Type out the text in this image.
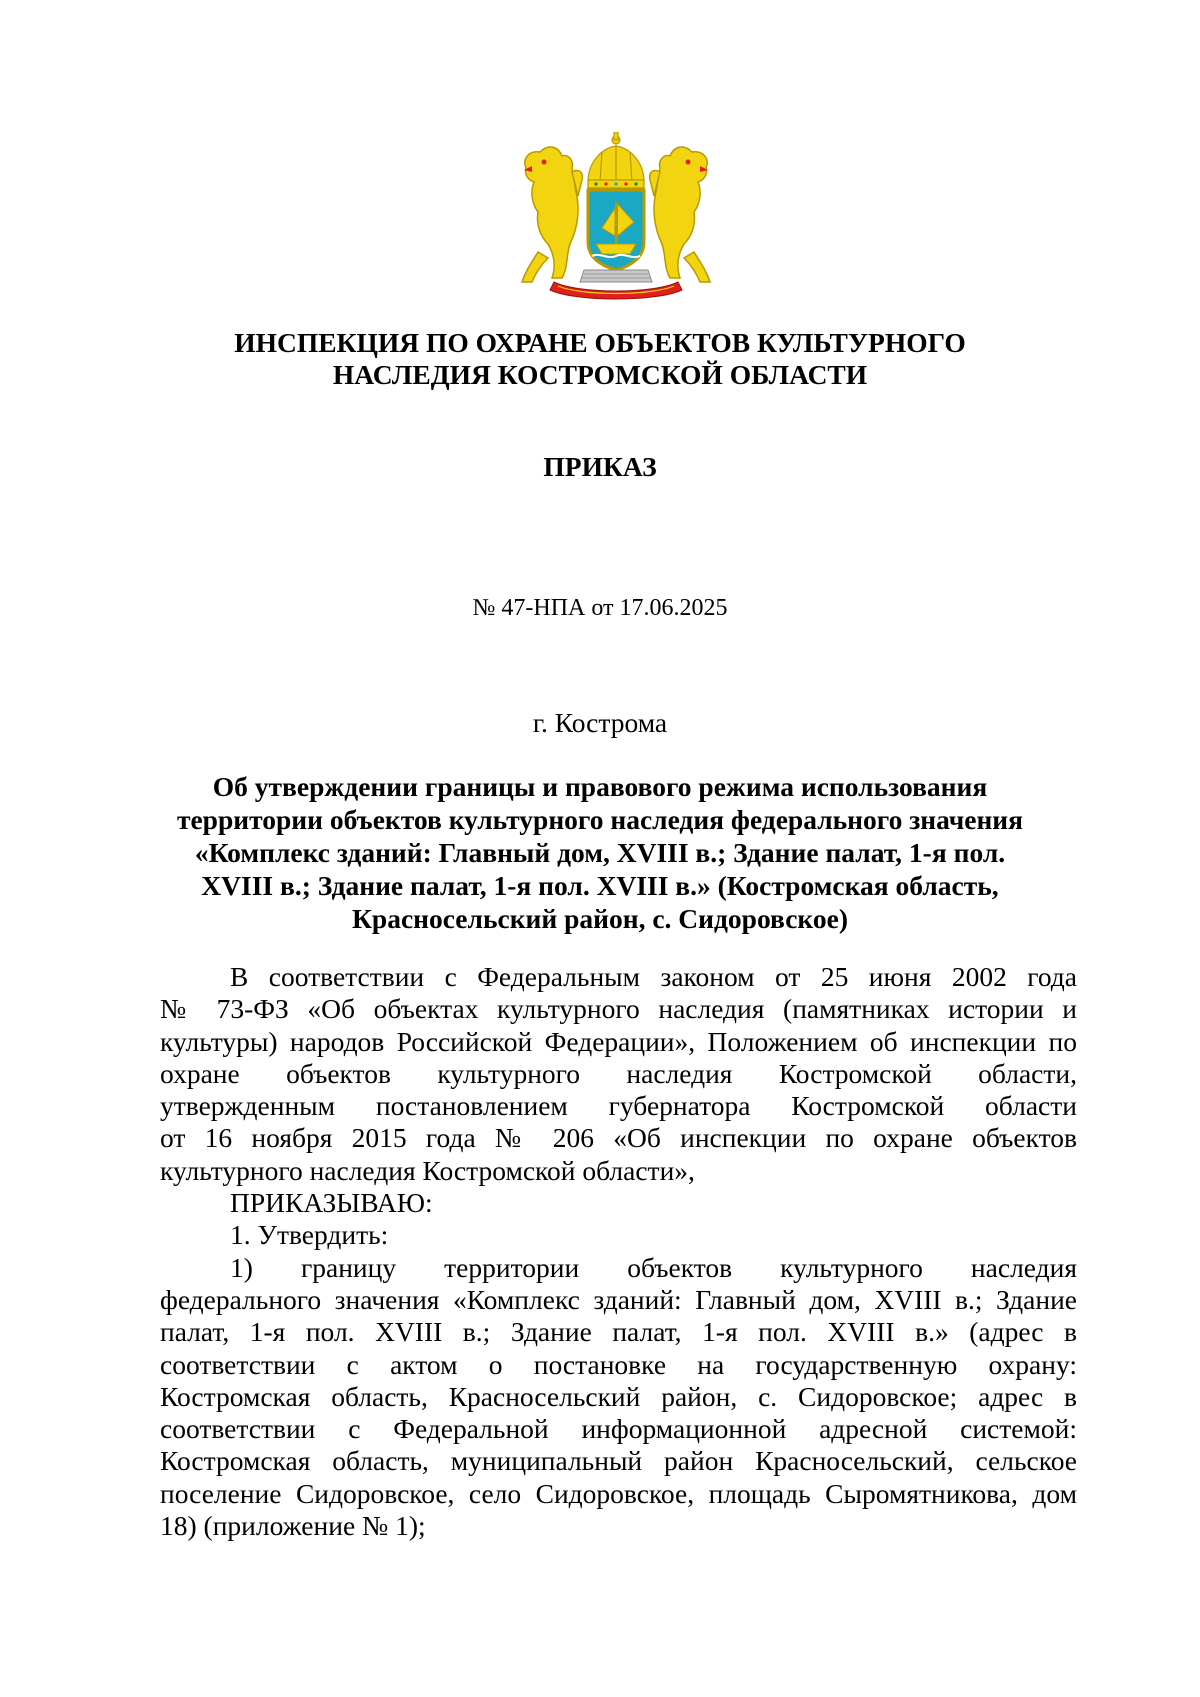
ИНСПЕКЦИЯ ПО ОХРАНЕ ОБЪЕКТОВ КУЛЬТУРНОГО
НАСЛЕДИЯ КОСТРОМСКОЙ ОБЛАСТИ
ПРИКАЗ
№ 47-НПА от 17.06.2025
г. Кострома
Об утверждении границы и правового режима использования
территории объектов культурного наследия федерального значения
«Комплекс зданий: Главный дом, XVIII в.; Здание палат, 1-я пол.
XVIII в.; Здание палат, 1-я пол. XVIII в.» (Костромская область,
Красносельский район, с. Сидоровское)
В соответствии с Федеральным законом от 25 июня 2002 года
№ 73-ФЗ «Об объектах культурного наследия (памятниках истории и
культуры) народов Российской Федерации», Положением об инспекции по
охране объектов культурного наследия Костромской области,
утвержденным постановлением губернатора Костромской области
от 16 ноября 2015 года № 206 «Об инспекции по охране объектов
культурного наследия Костромской области»,
ПРИКАЗЫВАЮ:
1. Утвердить:
1) границу территории объектов культурного наследия
федерального значения «Комплекс зданий: Главный дом, XVIII в.; Здание
палат, 1-я пол. XVIII в.; Здание палат, 1-я пол. XVIII в.» (адрес в
соответствии с актом о постановке на государственную охрану:
Костромская область, Красносельский район, с. Сидоровское; адрес в
соответствии с Федеральной информационной адресной системой:
Костромская область, муниципальный район Красносельский, сельское
поселение Сидоровское, село Сидоровское, площадь Сыромятникова, дом
18) (приложение № 1);
